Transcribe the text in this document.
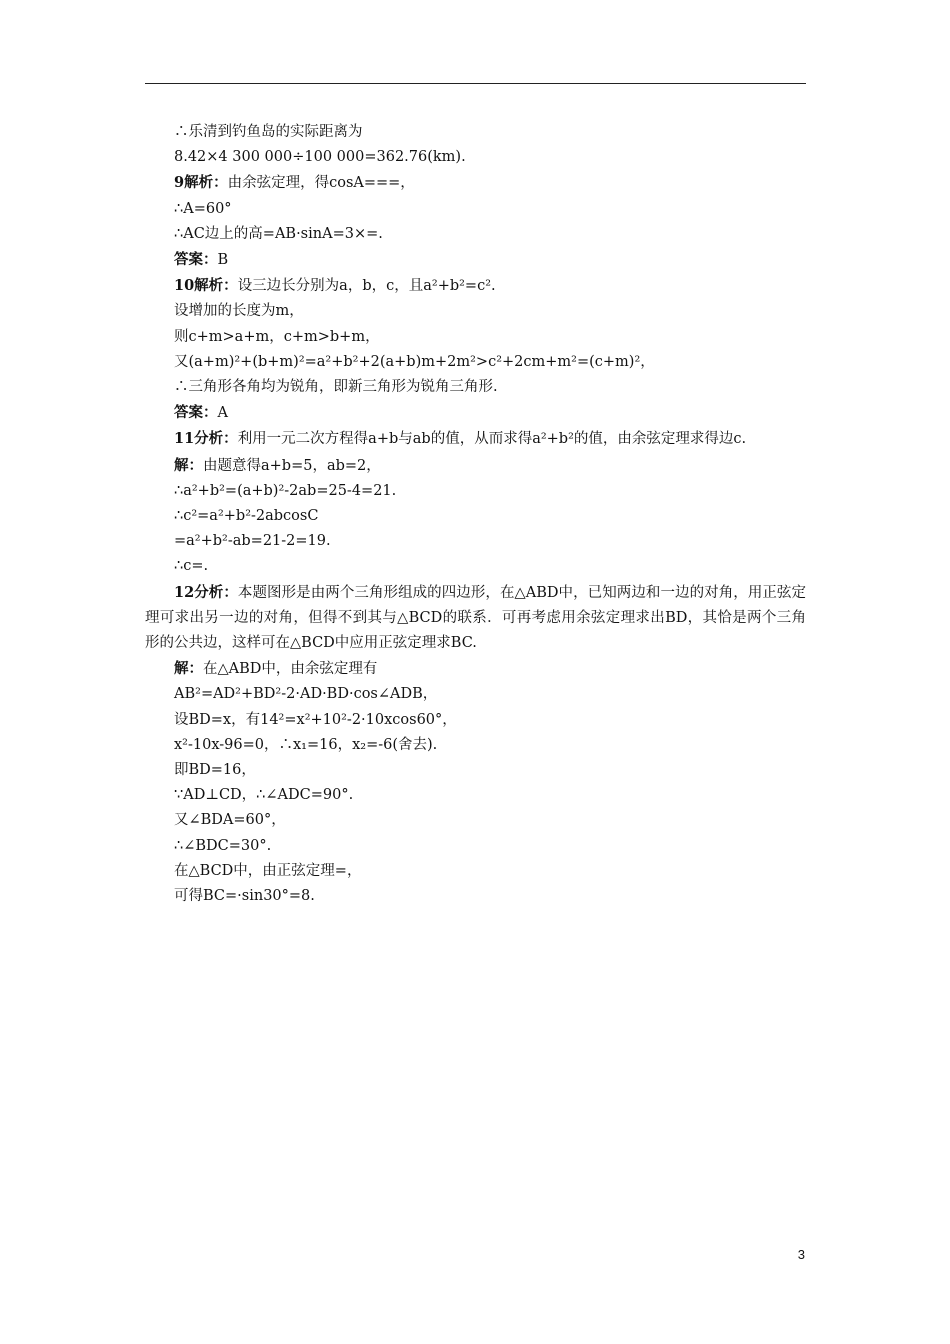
∴乐清到钓鱼岛的实际距离为
8.42×4 300 000÷100 000=362.76(km).
9解析：由余弦定理，得cosA===，
∴A=60°
∴AC边上的高=AB·sinA=3×=.
答案：B
10解析：设三边长分别为a，b，c，且a²+b²=c².
设增加的长度为m，
则c+m>a+m，c+m>b+m，
又(a+m)²+(b+m)²=a²+b²+2(a+b)m+2m²>c²+2cm+m²=(c+m)²，
∴三角形各角均为锐角，即新三角形为锐角三角形.
答案：A
11分析：利用一元二次方程得a+b与ab的值，从而求得a²+b²的值，由余弦定理求得边c.
解：由题意得a+b=5，ab=2，
∴a²+b²=(a+b)²-2ab=25-4=21.
∴c²=a²+b²-2abcosC
=a²+b²-ab=21-2=19.
∴c=.
12分析：本题图形是由两个三角形组成的四边形，在△ABD中，已知两边和一边的对角，用正弦定理可求出另一边的对角，但得不到其与△BCD的联系．可再考虑用余弦定理求出BD，其恰是两个三角形的公共边，这样可在△BCD中应用正弦定理求BC.
解：在△ABD中，由余弦定理有
AB²=AD²+BD²-2·AD·BD·cos∠ADB，
设BD=x，有14²=x²+10²-2·10xcos60°，
x²-10x-96=0，∴x₁=16，x₂=-6(舍去).
即BD=16，
∵AD⊥CD，∴∠ADC=90°.
又∠BDA=60°，
∴∠BDC=30°.
在△BCD中，由正弦定理=，
可得BC=·sin30°=8.
3
